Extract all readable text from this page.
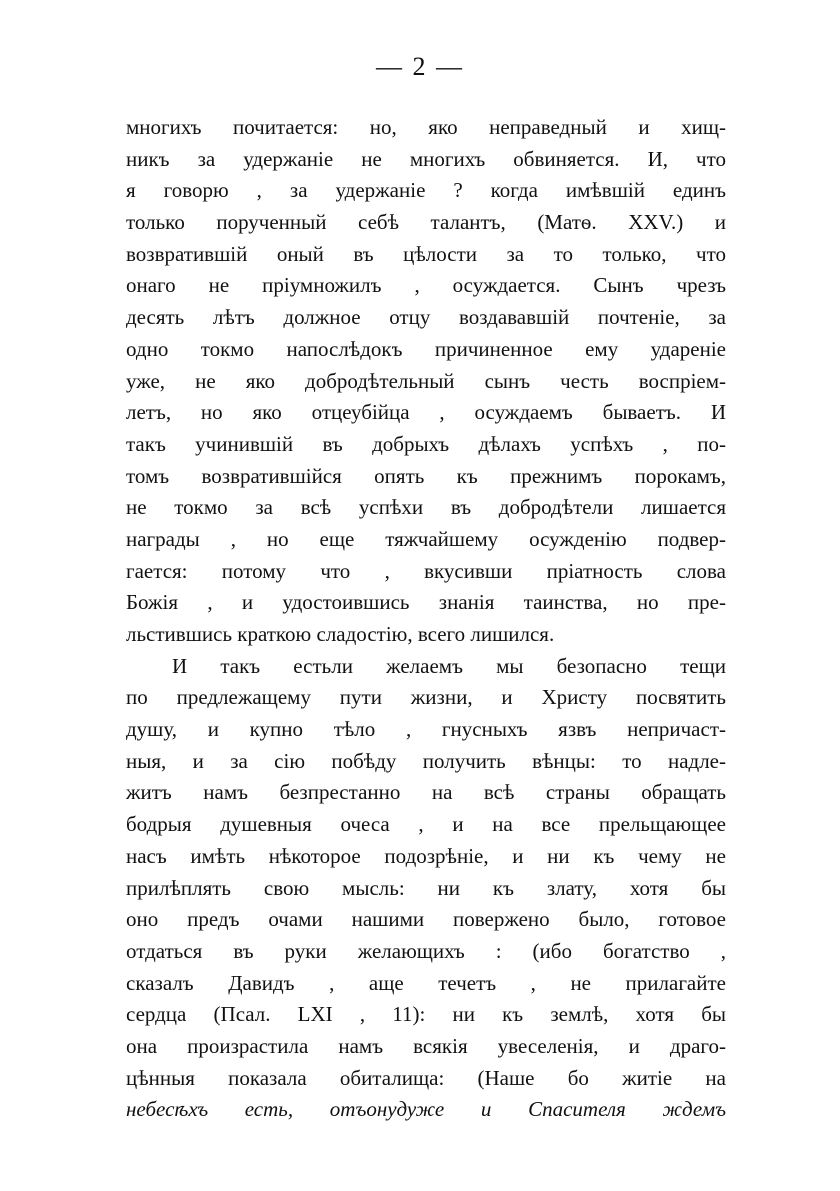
— 2 —
многихъ почитается: но, яко неправедный и хищ-
никъ за удержаніе не многихъ обвиняется. И, что
я говорю , за удержаніе ? когда имѣвшій единъ
только порученный себѣ талантъ, (Матѳ. XXV.) и
возвратившій оный въ цѣлости за то только, что
онаго не пріумножилъ , осуждается. Сынъ чрезъ
десять лѣтъ должное отцу воздававшій почтеніе, за
одно токмо напослѣдокъ причиненное ему удареніе
уже, не яко добродѣтельный сынъ честь воспріем-
летъ, но яко отцеубійца , осуждаемъ бываетъ. И
такъ учинившій въ добрыхъ дѣлахъ успѣхъ , по-
томъ возвратившійся опять къ прежнимъ порокамъ,
не токмо за всѣ успѣхи въ добродѣтели лишается
награды , но еще тяжчайшему осужденію подвер-
гается: потому что , вкусивши пріатность слова
Божія , и удостоившись знанія таинства, но пре-
льстившись краткою сладостію, всего лишился.
И такъ естьли желаемъ мы безопасно тещи
по предлежащему пути жизни, и Христу посвятить
душу, и купно тѣло , гнусныхъ язвъ непричаст-
ныя, и за сію побѣду получить вѣнцы: то надле-
житъ намъ безпрестанно на всѣ страны обращать
бодрыя душевныя очеса , и на все прельщающее
насъ имѣть нѣкоторое подозрѣніе, и ни къ чему не
прилѣплять свою мысль: ни къ злату, хотя бы
оно предъ очами нашими повержено было, готовое
отдаться въ руки желающихъ : (ибо богатство ,
сказалъ Давидъ , аще течетъ , не прилагайте
сердца (Псал. LXI , 11): ни къ землѣ, хотя бы
она произрастила намъ всякія увеселенія, и драго-
цѣнныя показала обиталища: (Наше бо житіе на
небесѣхъ есть, отъонудуже и Спасителя ждемъ
